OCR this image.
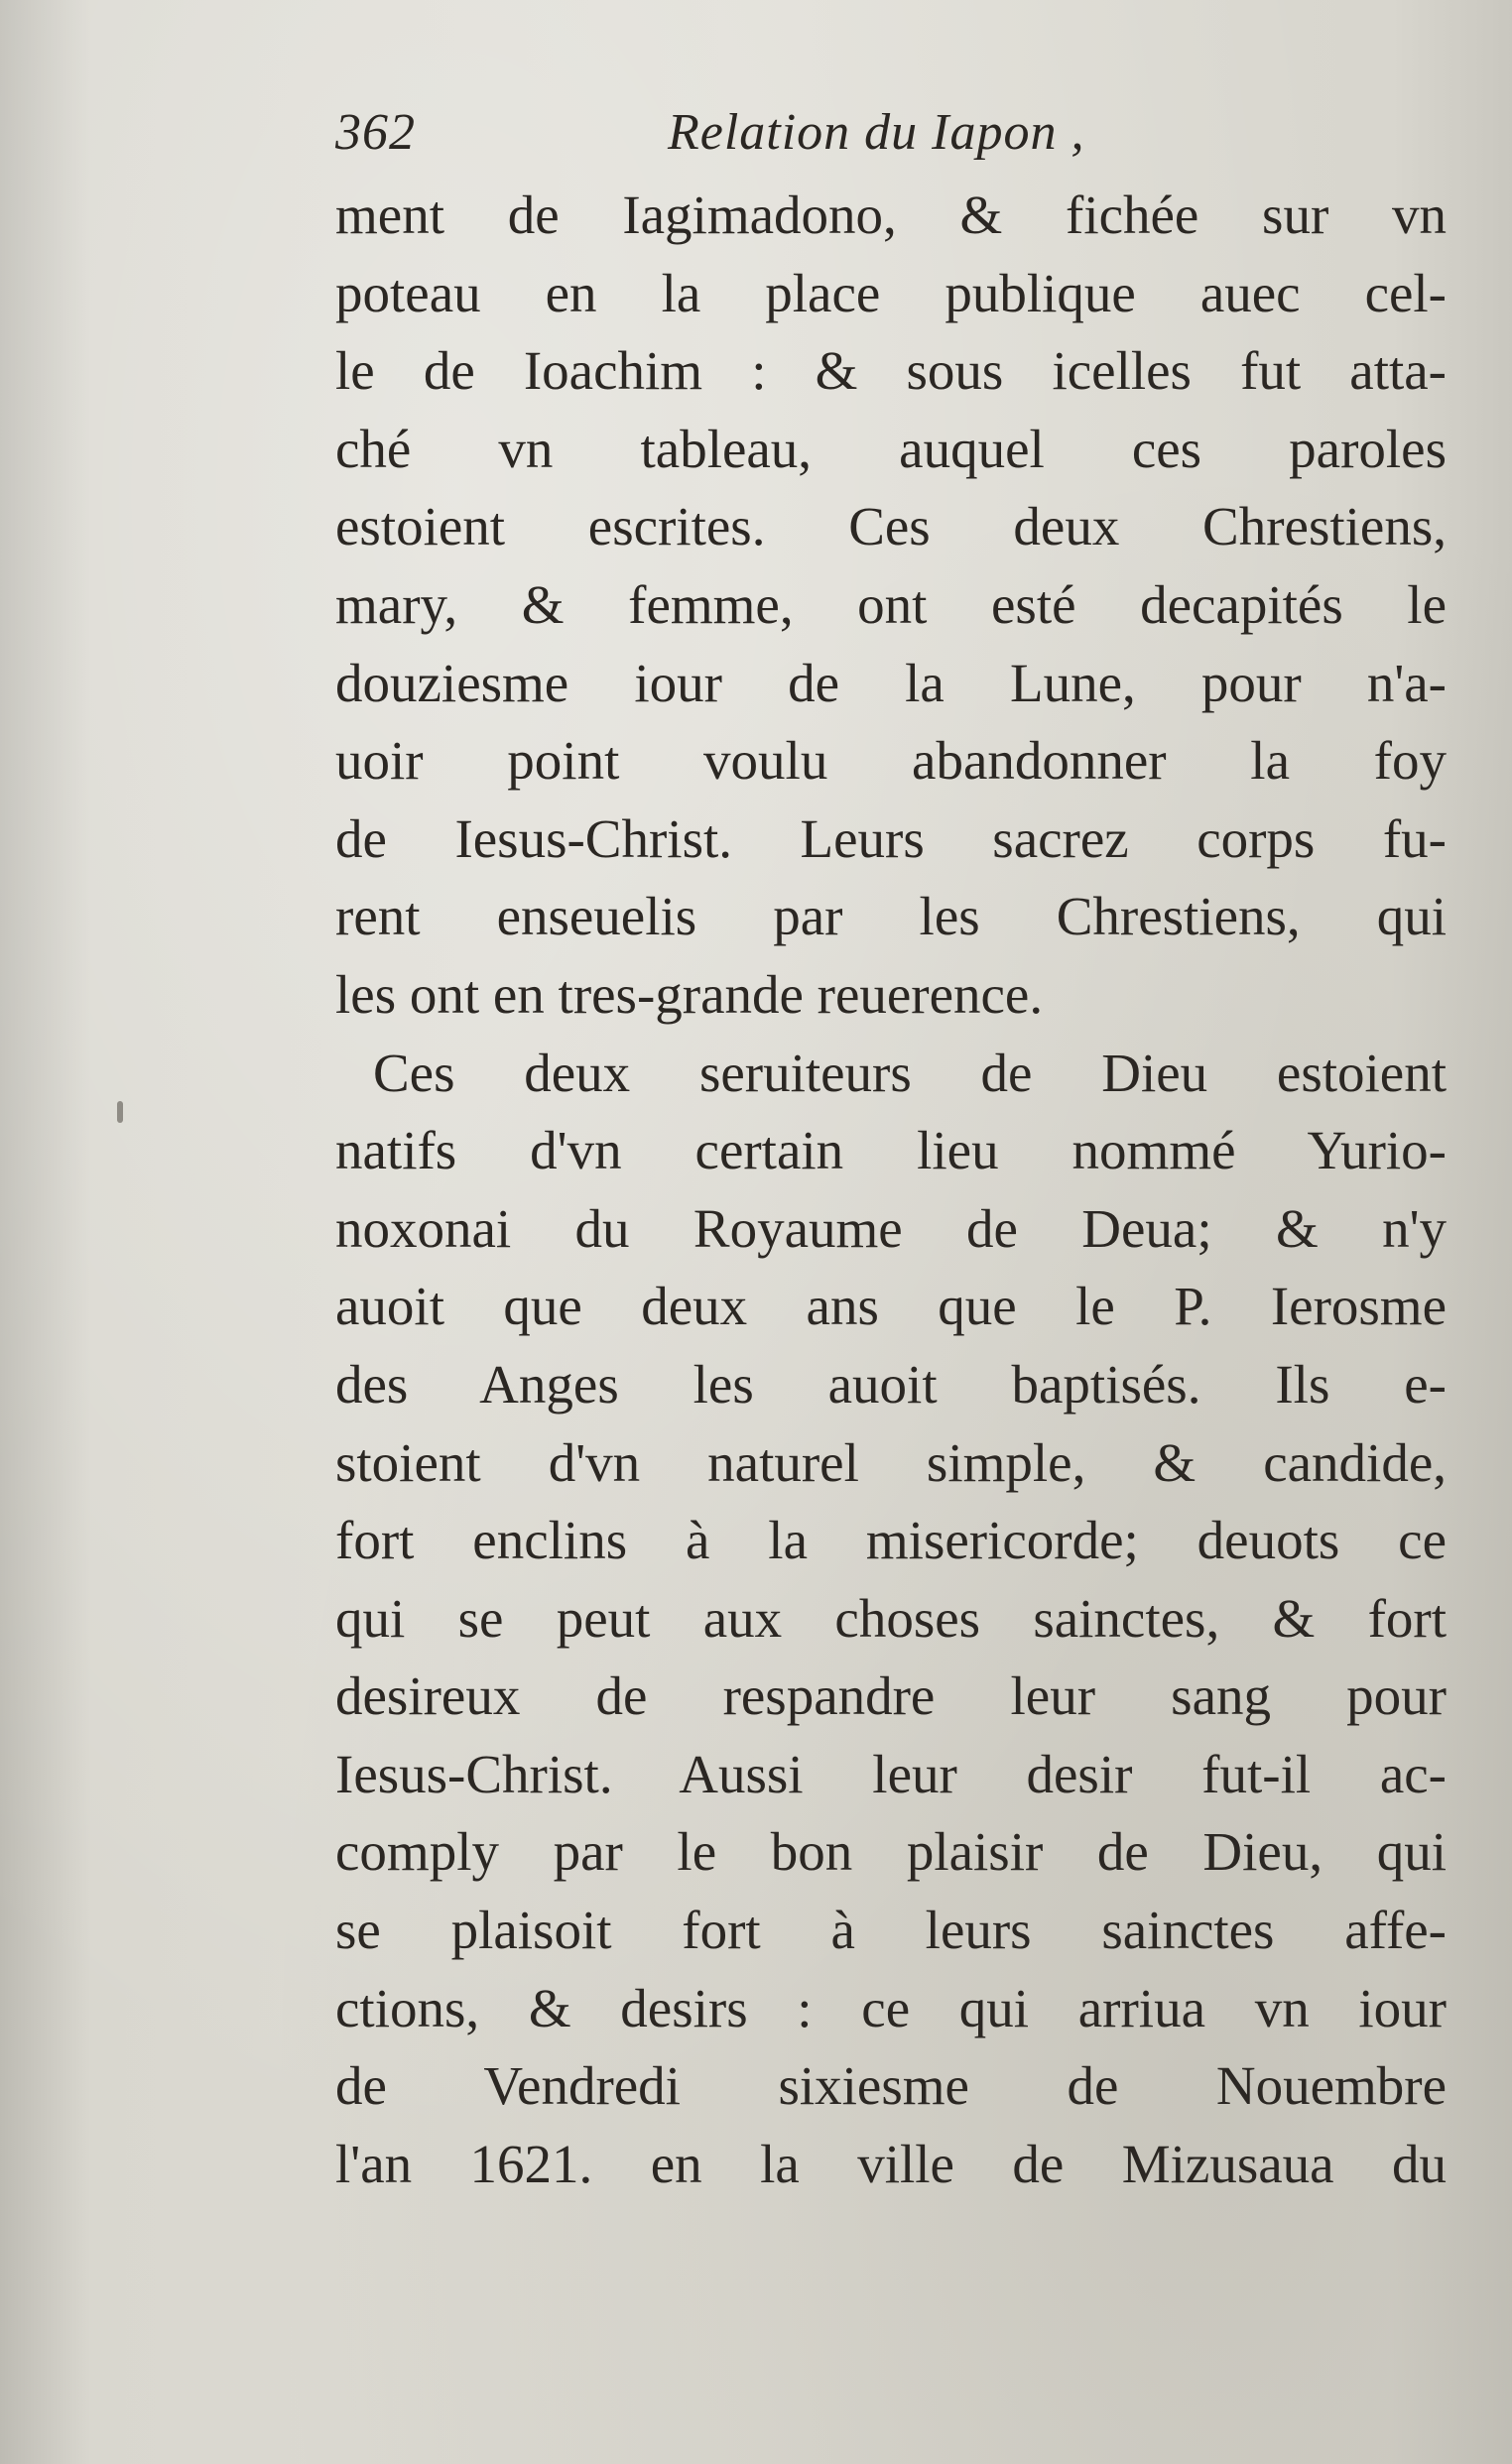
362	Relation du Iapon ,
ment de Iagimadono, & fichée sur vn
poteau en la place publique auec cel-
le de Ioachim : & sous icelles fut atta-
ché vn tableau, auquel ces paroles
estoient escrites. Ces deux Chrestiens,
mary, & femme, ont esté decapités le
douziesme iour de la Lune, pour n'a-
uoir point voulu abandonner la foy
de Iesus-Christ. Leurs sacrez corps fu-
rent enseuelis par les Chrestiens, qui
les ont en tres-grande reuerence.
Ces deux seruiteurs de Dieu estoient
natifs d'vn certain lieu nommé Yurio-
noxonai du Royaume de Deua; & n'y
auoit que deux ans que le P. Ierosme
des Anges les auoit baptisés. Ils e-
stoient d'vn naturel simple, & candide,
fort enclins à la misericorde; deuots ce
qui se peut aux choses sainctes, & fort
desireux de respandre leur sang pour
Iesus-Christ. Aussi leur desir fut-il ac-
comply par le bon plaisir de Dieu, qui
se plaisoit fort à leurs sainctes affe-
ctions, & desirs : ce qui arriua vn iour
de Vendredi sixiesme de Nouembre
l'an 1621. en la ville de Mizusaua du
